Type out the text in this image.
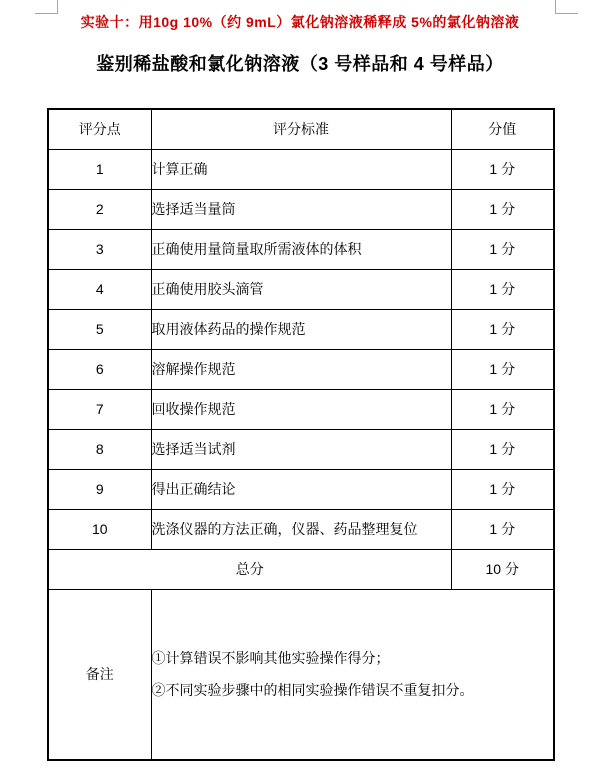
实验十：用10g 10%（约 9mL）氯化钠溶液稀释成 5%的氯化钠溶液
鉴别稀盐酸和氯化钠溶液（3 号样品和 4 号样品）
评分点	评分标准	分值
1	计算正确	1 分
2	选择适当量筒	1 分
3	正确使用量筒量取所需液体的体积	1 分
4	正确使用胶头滴管	1 分
5	取用液体药品的操作规范	1 分
6	溶解操作规范	1 分
7	回收操作规范	1 分
8	选择适当试剂	1 分
9	得出正确结论	1 分
10	洗涤仪器的方法正确，仪器、药品整理复位	1 分
总分		10 分
备注	①计算错误不影响其他实验操作得分；

②不同实验步骤中的相同实验操作错误不重复扣分。	
